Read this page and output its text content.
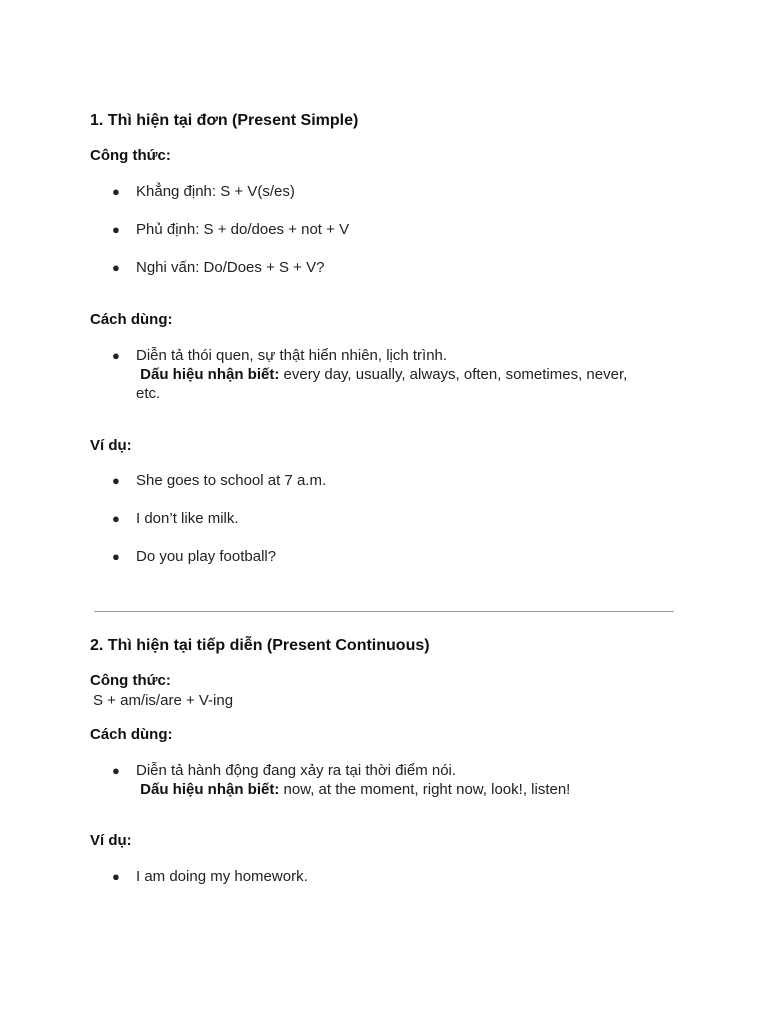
1. Thì hiện tại đơn (Present Simple)

Công thức:

● Khẳng định: S + V(s/es)
● Phủ định: S + do/does + not + V
● Nghi vấn: Do/Does + S + V?

Cách dùng:

● Diễn tả thói quen, sự thật hiển nhiên, lịch trình.
Dấu hiệu nhận biết: every day, usually, always, often, sometimes, never,
etc.

Ví dụ:

● She goes to school at 7 a.m.
● I don’t like milk.
● Do you play football?
2. Thì hiện tại tiếp diễn (Present Continuous)

Công thức:

S + am/is/are + V-ing

Cách dùng:

● Diễn tả hành động đang xảy ra tại thời điểm nói.
Dấu hiệu nhận biết: now, at the moment, right now, look!, listen!

Ví dụ:

● I am doing my homework.
